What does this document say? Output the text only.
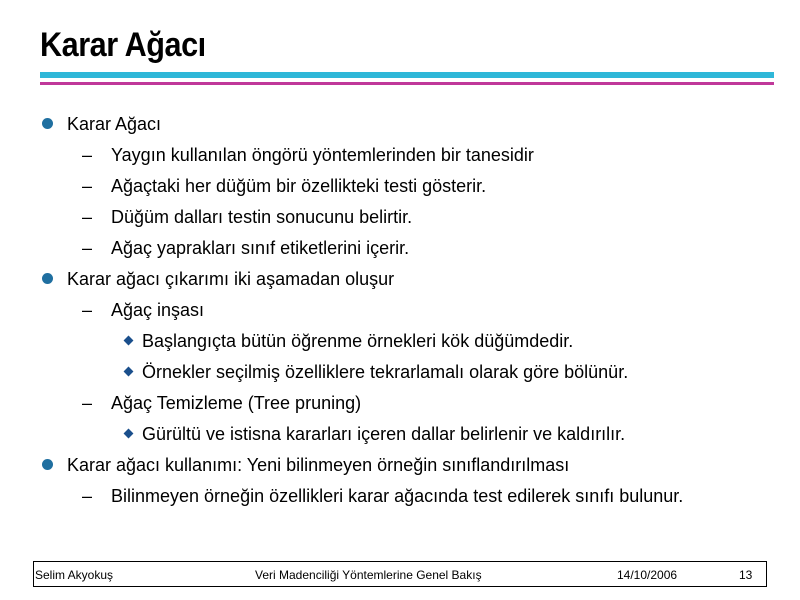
Karar Ağacı
Karar Ağacı
– Yaygın kullanılan öngörü yöntemlerinden bir tanesidir
– Ağaçtaki her düğüm bir özellikteki testi gösterir.
– Düğüm dalları testin sonucunu belirtir.
– Ağaç yaprakları sınıf etiketlerini içerir.
Karar ağacı çıkarımı iki aşamadan oluşur
– Ağaç inşası
Başlangıçta bütün öğrenme örnekleri kök düğümdedir.
Örnekler seçilmiş özelliklere tekrarlamalı olarak göre bölünür.
– Ağaç Temizleme (Tree pruning)
Gürültü ve istisna kararları içeren dallar belirlenir ve kaldırılır.
Karar ağacı kullanımı: Yeni bilinmeyen örneğin sınıflandırılması
– Bilinmeyen örneğin özellikleri karar ağacında test edilerek sınıfı bulunur.
Selim Akyokuş	Veri Madenciliği Yöntemlerine Genel Bakış	14/10/2006	13
